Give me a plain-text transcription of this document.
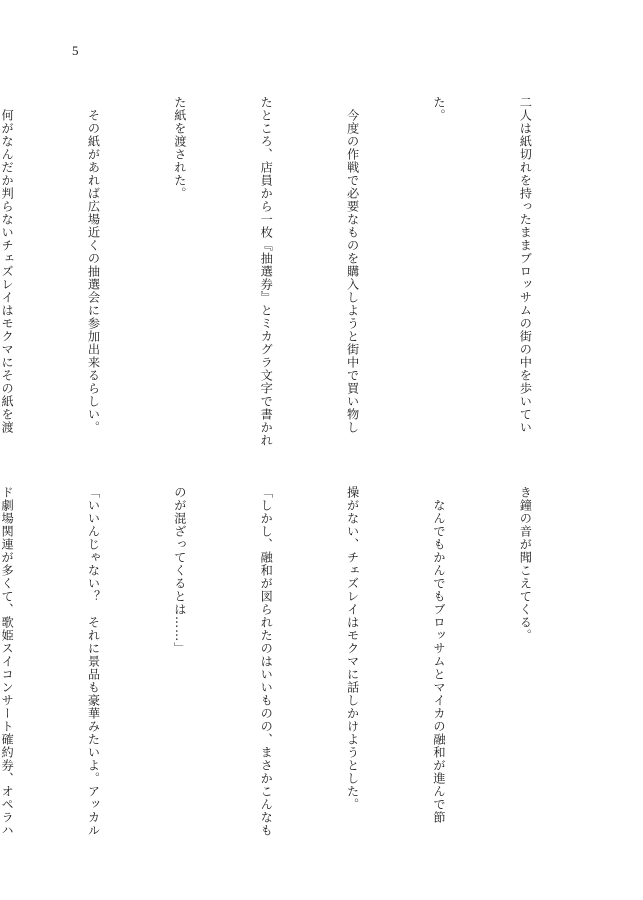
5

二人は紙切れを持ったままブロッサムの街の中を歩いてい

た。

　今度の作戦で必要なものを購入しようと街中で買い物し

たところ、店員から一枚『抽選券』とミカグラ文字で書かれ

た紙を渡された。

　その紙があれば広場近くの抽選会に参加出来るらしい。

　何がなんだか判らないチェズレイはモクマにその紙を渡

き鐘の音が聞こえてくる。

　なんでもかんでもブロッサムとマイカの融和が進んで節

操がない、チェズレイはモクマに話しかけようとした。

「しかし、融和が図られたのはいいものの、まさかこんなも

のが混ざってくるとは……」

「いいんじゃない？　それに景品も豪華みたいよ。アッカル

ド劇場関連が多くて、歌姫スイコンサート確約券、オペラハ
